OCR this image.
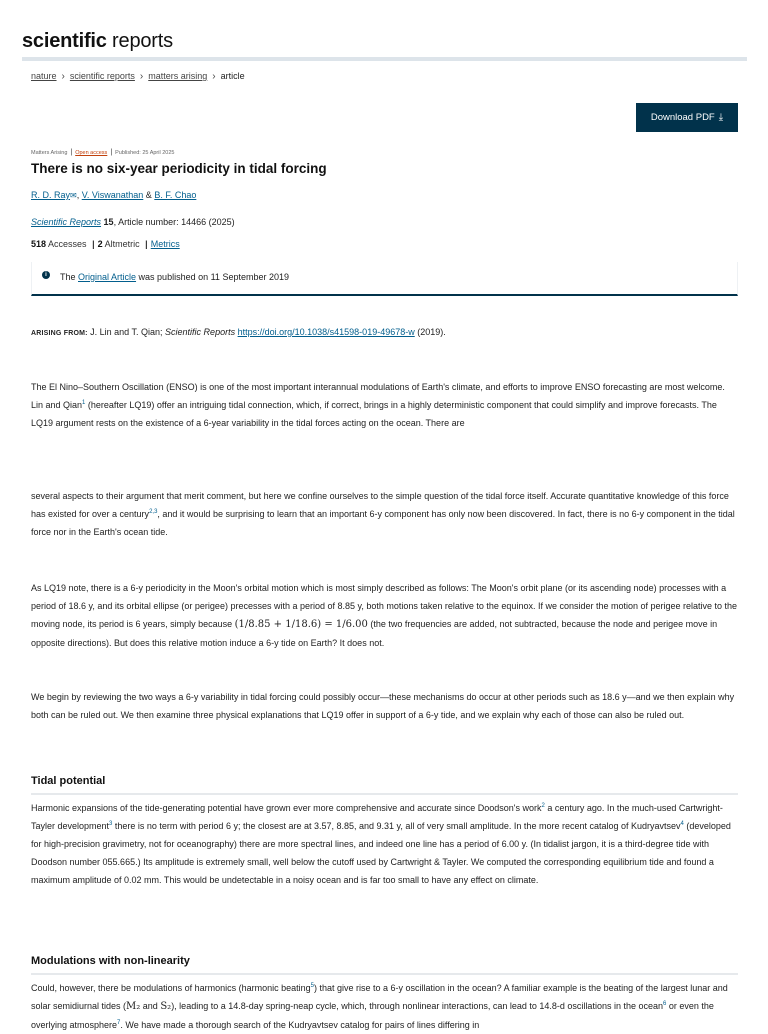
scientific reports
nature › scientific reports › matters arising › article
Download PDF ⤓
Matters Arising | Open access | Published: 25 April 2025
There is no six-year periodicity in tidal forcing
R. D. Ray✉, V. Viswanathan & B. F. Chao
Scientific Reports 15, Article number: 14466 (2025)
518 Accesses | 2 Altmetric | Metrics
i	The Original Article was published on 11 September 2019
ARISING FROM: J. Lin and T. Qian; Scientific Reports https://doi.org/10.1038/s41598-019-49678-w (2019).

The El Nino–Southern Oscillation (ENSO) is one of the most important interannual modulations of Earth's climate, and efforts to improve ENSO forecasting are most welcome. Lin and Qian$^1$ (hereafter LQ19) offer an intriguing tidal connection, which, if correct, brings in a highly deterministic component that could simplify and improve forecasts. The LQ19 argument rests on the existence of a 6-year variability in the tidal forces acting on the ocean. There are

several aspects to their argument that merit comment, but here we confine ourselves to the simple question of the tidal force itself. Accurate quantitative knowledge of this force has existed for over a century$^{2,3}$, and it would be surprising to learn that an important 6-y component has only now been discovered. In fact, there is no 6-y component in the tidal force nor in the Earth's ocean tide.

As LQ19 note, there is a 6-y periodicity in the Moon's orbital motion which is most simply described as follows: The Moon's orbit plane (or its ascending node) processes with a period of 18.6 y, and its orbital ellipse (or perigee) precesses with a period of 8.85 y, both motions taken relative to the equinox. If we consider the motion of perigee relative to the moving node, its period is 6 years, simply because (1/8.85 + 1/18.6) = 1/6.00 (the two frequencies are added, not subtracted, because the node and perigee move in opposite directions). But does this relative motion induce a 6-y tide on Earth? It does not.

We begin by reviewing the two ways a 6-y variability in tidal forcing could possibly occur—these mechanisms do occur at other periods such as 18.6 y—and we then explain why both can be ruled out. We then examine three physical explanations that LQ19 offer in support of a 6-y tide, and we explain why each of those can also be ruled out.

Tidal potential

Harmonic expansions of the tide-generating potential have grown ever more comprehensive and accurate since Doodson's work$^2$ a century ago. In the much-used Cartwright-Tayler development$^3$ there is no term with period 6 y; the closest are at 3.57, 8.85, and 9.31 y, all of very small amplitude. In the more recent catalog of Kudryavtsev$^4$ (developed for high-precision gravimetry, not for oceanography) there are more spectral lines, and indeed one line has a period of 6.00 y. (In tidalist jargon, it is a third-degree tide with Doodson number 055.665.) Its amplitude is extremely small, well below the cutoff used by Cartwright & Tayler. We computed the corresponding equilibrium tide and found a maximum amplitude of 0.02 mm. This would be undetectable in a noisy ocean and is far too small to have any effect on climate.

Modulations with non-linearity

Could, however, there be modulations of harmonics (harmonic beating$^5$) that give rise to a 6-y oscillation in the ocean? A familiar example is the beating of the largest lunar and solar semidiurnal tides (M₂ and S₂), leading to a 14.8-day spring-neap cycle, which, through nonlinear interactions, can lead to 14.8-d oscillations in the ocean$^6$ or even the overlying atmosphere$^7$. We have made a thorough search of the Kudryavtsev catalog for pairs of lines differing in
